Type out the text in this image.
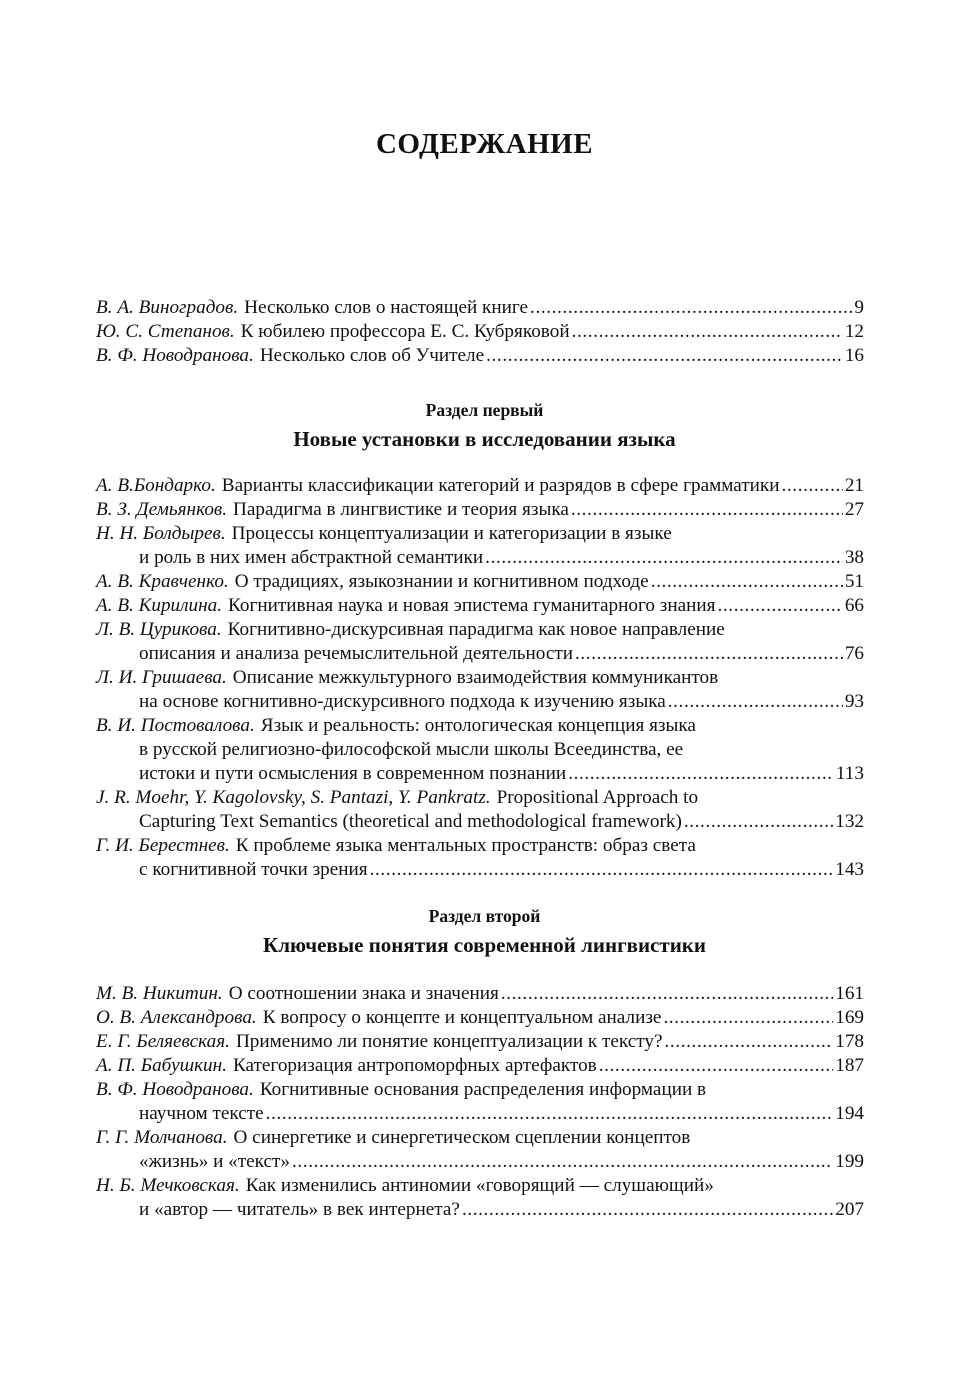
СОДЕРЖАНИЕ
В. А. Виноградов. Несколько слов о настоящей книге .....	9
Ю. С. Степанов. К юбилею профессора Е. С. Кубряковой .....	12
В. Ф. Новодранова. Несколько слов об Учителе .....	16
Раздел первый
Новые установки в исследовании языка
А. В.Бондарко. Варианты классификации категорий и разрядов в сфере грамматики .....	21
В. З. Демьянков. Парадигма в лингвистике и теория языка .....	27
Н. Н. Болдырев. Процессы концептуализации и категоризации в языке
и роль в них имен абстрактной семантики .....	38
А. В. Кравченко. О традициях, языкознании и когнитивном подходе .....	51
А. В. Кирилина. Когнитивная наука и новая эпистема гуманитарного знания .....	66
Л. В. Цурикова. Когнитивно-дискурсивная парадигма как новое направление
описания и анализа речемыслительной деятельности .....	76
Л. И. Гришаева. Описание межкультурного взаимодействия коммуникантов
на основе когнитивно-дискурсивного подхода к изучению языка .....	93
В. И. Постовалова. Язык и реальность: онтологическая концепция языка
в русской религиозно-философской мысли школы Всеединства, ее
истоки и пути осмысления в современном познании .....	113
J. R. Moehr, Y. Kagolovsky, S. Pantazi, Y. Pankratz. Propositional Approach to
Capturing Text Semantics (theoretical and methodological framework) .....	132
Г. И. Берестнев. К проблеме языка ментальных пространств: образ света
с когнитивной точки зрения .....	143
Раздел второй
Ключевые понятия современной лингвистики
М. В. Никитин. О соотношении знака и значения .....	161
О. В. Александрова. К вопросу о концепте и концептуальном анализе .....	169
Е. Г. Беляевская. Применимо ли понятие концептуализации к тексту? .....	178
А. П. Бабушкин. Категоризация антропоморфных артефактов .....	187
В. Ф. Новодранова. Когнитивные основания распределения информации в
научном тексте .....	194
Г. Г. Молчанова. О синергетике и синергетическом сцеплении концептов
«жизнь» и «текст» .....	199
Н. Б. Мечковская. Как изменились антиномии «говорящий — слушающий»
и «автор — читатель» в век интернета? .....	207
